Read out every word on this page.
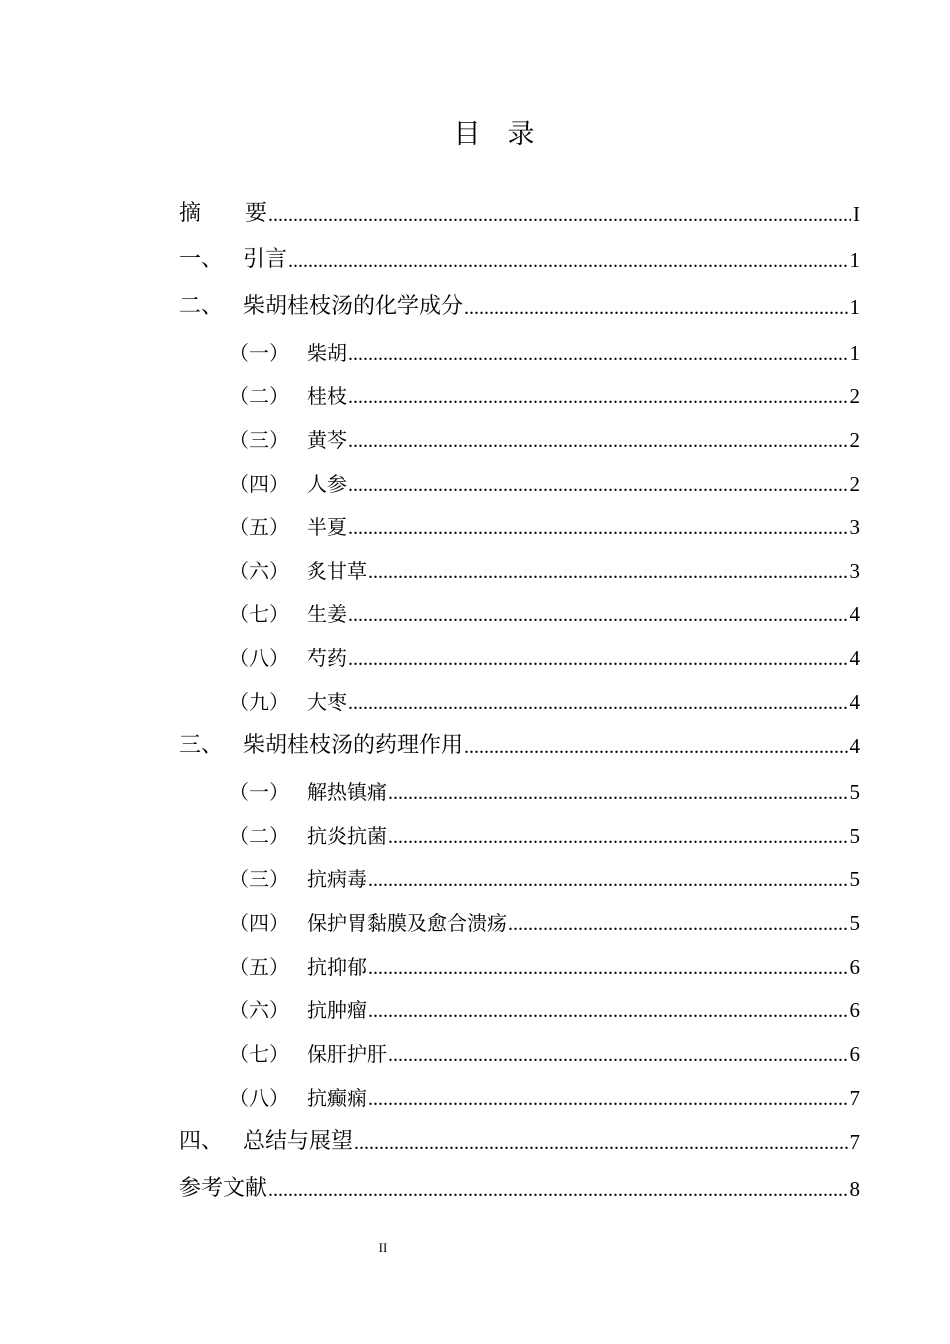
目　录
摘　　要 .....	I
一、 引言 .....	1
二、 柴胡桂枝汤的化学成分 .....	1
（一） 柴胡 .....	1
（二） 桂枝 .....	2
（三） 黄芩 .....	2
（四） 人参 .....	2
（五） 半夏 .....	3
（六） 炙甘草 .....	3
（七） 生姜 .....	4
（八） 芍药 .....	4
（九） 大枣 .....	4
三、 柴胡桂枝汤的药理作用 .....	4
（一） 解热镇痛 .....	5
（二） 抗炎抗菌 .....	5
（三） 抗病毒 .....	5
（四） 保护胃黏膜及愈合溃疡 .....	5
（五） 抗抑郁 .....	6
（六） 抗肿瘤 .....	6
（七） 保肝护肝 .....	6
（八） 抗癫痫 .....	7
四、 总结与展望 .....	7
参考文献 .....	8
II
